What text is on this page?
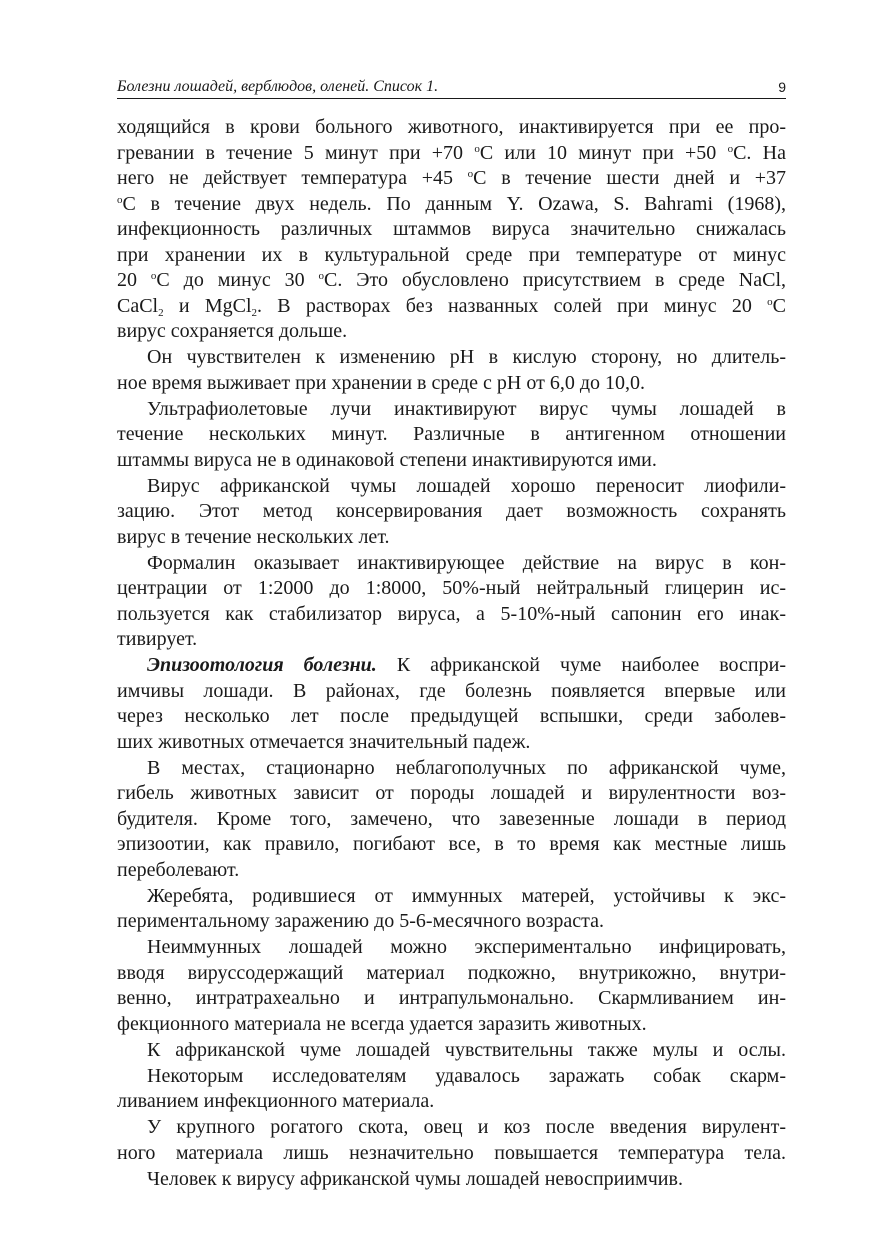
Болезни лошадей, верблюдов, оленей. Список 1.	9
ходящийся в крови больного животного, инактивируется при ее про-
гревании в течение 5 минут при +70 $^о$С или 10 минут при +50 $^о$С. На
него не действует температура +45 $^о$С в течение шести дней и +37
$^о$С в течение двух недель. По данным Y. Ozawa, S. Bahrami (1968),
инфекционность различных штаммов вируса значительно снижалась
при хранении их в культуральной среде при температуре от минус
20 $^о$С до минус 30 $^о$С. Это обусловлено присутствием в среде NaCl,
CaCl$_2$ и MgCl$_2$. В растворах без названных солей при минус 20 $^о$С
вирус сохраняется дольше.
Он чувствителен к изменению pH в кислую сторону, но длитель-
ное время выживает при хранении в среде с pH от 6,0 до 10,0.
Ультрафиолетовые лучи инактивируют вирус чумы лошадей в
течение нескольких минут. Различные в антигенном отношении
штаммы вируса не в одинаковой степени инактивируются ими.
Вирус африканской чумы лошадей хорошо переносит лиофили-
зацию. Этот метод консервирования дает возможность сохранять
вирус в течение нескольких лет.
Формалин оказывает инактивирующее действие на вирус в кон-
центрации от 1:2000 до 1:8000, 50%-ный нейтральный глицерин ис-
пользуется как стабилизатор вируса, а 5-10%-ный сапонин его инак-
тивирует.
Эпизоотология болезни. К африканской чуме наиболее воспри-
имчивы лошади. В районах, где болезнь появляется впервые или
через несколько лет после предыдущей вспышки, среди заболев-
ших животных отмечается значительный падеж.
В местах, стационарно неблагополучных по африканской чуме,
гибель животных зависит от породы лошадей и вирулентности воз-
будителя. Кроме того, замечено, что завезенные лошади в период
эпизоотии, как правило, погибают все, в то время как местные лишь
переболевают.
Жеребята, родившиеся от иммунных матерей, устойчивы к экс-
периментальному заражению до 5-6-месячного возраста.
Неиммунных лошадей можно экспериментально инфицировать,
вводя вируссодержащий материал подкожно, внутрикожно, внутри-
венно, интратрахеально и интрапульмонально. Скармливанием ин-
фекционного материала не всегда удается заразить животных.
К африканской чуме лошадей чувствительны также мулы и ослы.
Некоторым исследователям удавалось заражать собак скарм-
ливанием инфекционного материала.
У крупного рогатого скота, овец и коз после введения вирулент-
ного материала лишь незначительно повышается температура тела.
Человек к вирусу африканской чумы лошадей невосприимчив.
